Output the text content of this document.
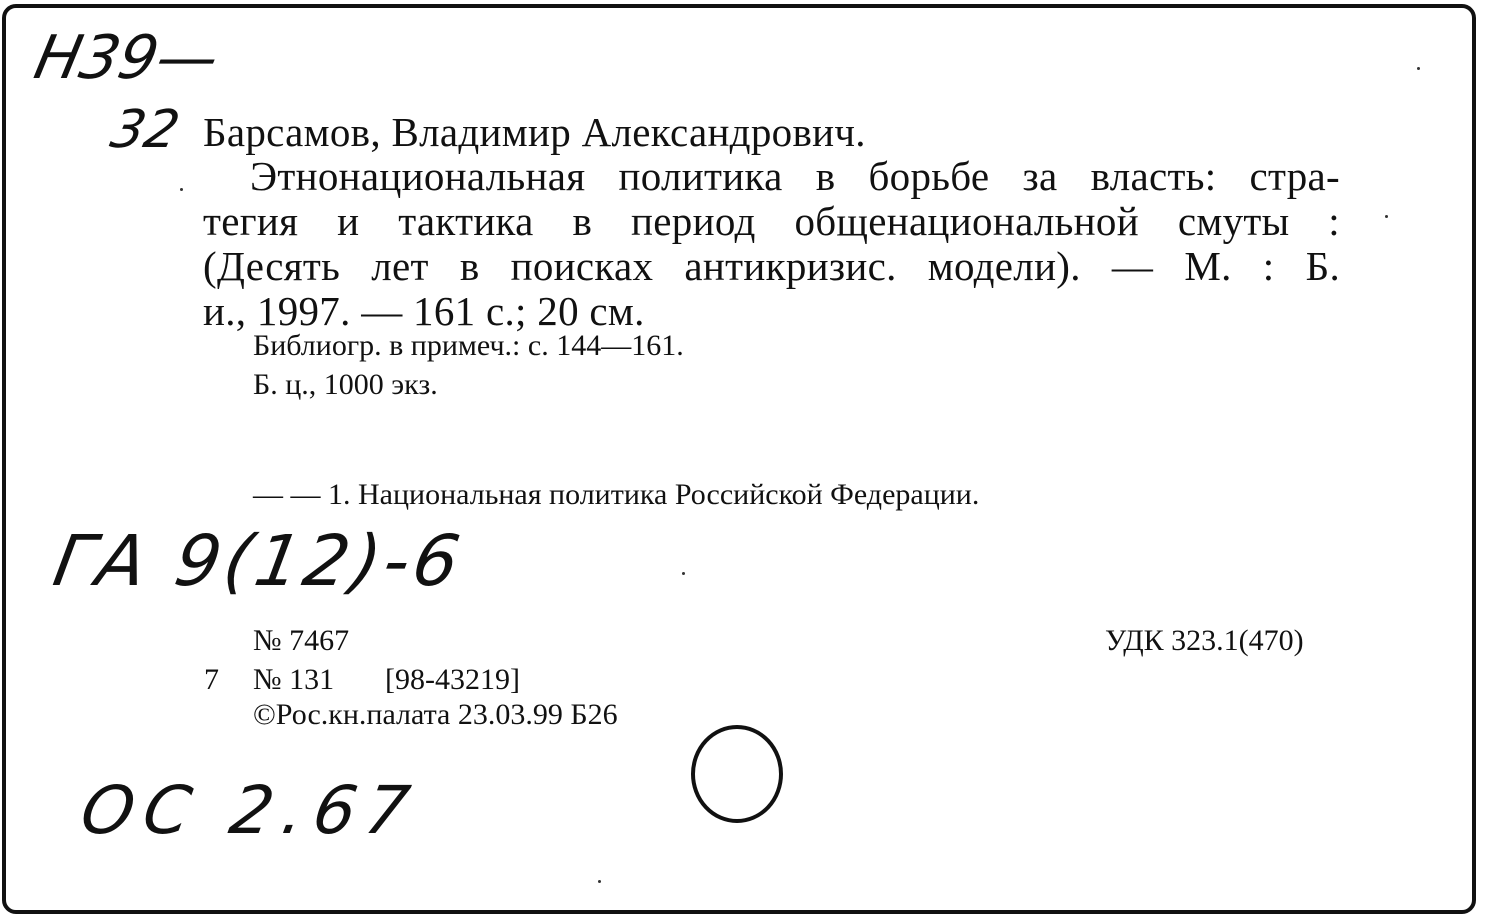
Н39—
32 Барсамов, Владимир Александрович.
Этнонациональная политика в борьбе за власть: стра-
тегия и тактика в период общенациональной смуты :
(Десять лет в поисках антикризис. модели). — М. : Б.
и., 1997. — 161 с.; 20 см.
Библиогр. в примеч.: с. 144—161.
Б. ц., 1000 экз.
— — 1. Национальная политика Российской Федерации.
ГА 9(12)-6
№ 7467	УДК 323.1(470)
7 № 131 [98-43219]
©Рос.кн.палата 23.03.99 Б26
ОС 2.67
